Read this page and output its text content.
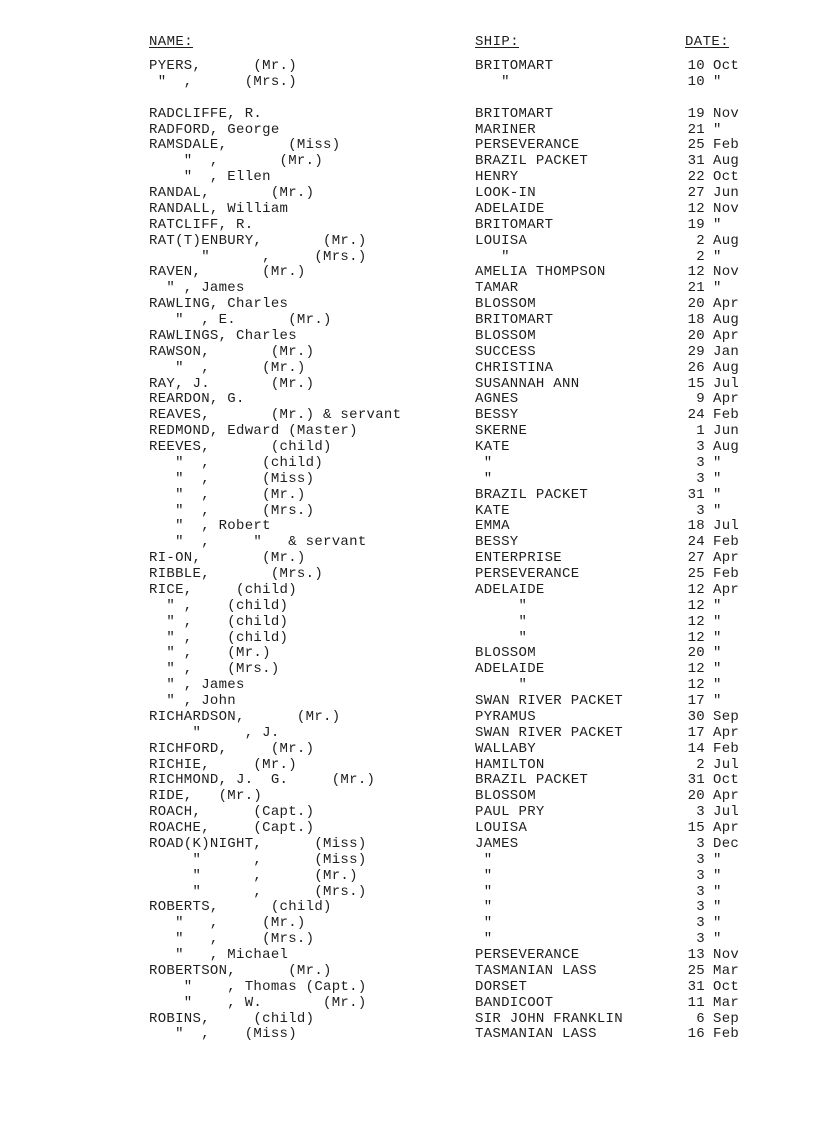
NAME:	SHIP:	DATE:
PYERS,      (Mr.)	BRITOMART	10 Oct
"  ,      (Mrs.)	"	10 "
RADCLIFFE, R.	BRITOMART	19 Nov
RADFORD, George	MARINER	21 "
RAMSDALE,       (Miss)	PERSEVERANCE	25 Feb
"  ,       (Mr.)	BRAZIL PACKET	31 Aug
"  , Ellen	HENRY	22 Oct
RANDAL,       (Mr.)	LOOK-IN	27 Jun
RANDALL, William	ADELAIDE	12 Nov
RATCLIFF, R.	BRITOMART	19 "
RAT(T)ENBURY,       (Mr.)	LOUISA	2 Aug
"      ,     (Mrs.)	"	2 "
RAVEN,       (Mr.)	AMELIA THOMPSON	12 Nov
" , James	TAMAR	21 "
RAWLING, Charles	BLOSSOM	20 Apr
"  , E.      (Mr.)	BRITOMART	18 Aug
RAWLINGS, Charles	BLOSSOM	20 Apr
RAWSON,       (Mr.)	SUCCESS	29 Jan
"  ,      (Mr.)	CHRISTINA	26 Aug
RAY, J.       (Mr.)	SUSANNAH ANN	15 Jul
REARDON, G.	AGNES	9 Apr
REAVES,       (Mr.) & servant	BESSY	24 Feb
REDMOND, Edward (Master)	SKERNE	1 Jun
REEVES,       (child)	KATE	3 Aug
"  ,      (child)	"	3 "
"  ,      (Miss)	"	3 "
"  ,      (Mr.)	BRAZIL PACKET	31 "
"  ,      (Mrs.)	KATE	3 "
"  , Robert	EMMA	18 Jul
"  ,     "   & servant	BESSY	24 Feb
RI-ON,       (Mr.)	ENTERPRISE	27 Apr
RIBBLE,       (Mrs.)	PERSEVERANCE	25 Feb
RICE,     (child)	ADELAIDE	12 Apr
" ,    (child)	"	12 "
" ,    (child)	"	12 "
" ,    (child)	"	12 "
" ,    (Mr.)	BLOSSOM	20 "
" ,    (Mrs.)	ADELAIDE	12 "
" , James	"	12 "
" , John	SWAN RIVER PACKET	17 "
RICHARDSON,      (Mr.)	PYRAMUS	30 Sep
"     , J.	SWAN RIVER PACKET	17 Apr
RICHFORD,     (Mr.)	WALLABY	14 Feb
RICHIE,     (Mr.)	HAMILTON	2 Jul
RICHMOND, J.  G.     (Mr.)	BRAZIL PACKET	31 Oct
RIDE,   (Mr.)	BLOSSOM	20 Apr
ROACH,      (Capt.)	PAUL PRY	3 Jul
ROACHE,     (Capt.)	LOUISA	15 Apr
ROAD(K)NIGHT,      (Miss)	JAMES	3 Dec
"      ,      (Miss)	"	3 "
"      ,      (Mr.)	"	3 "
"      ,      (Mrs.)	"	3 "
ROBERTS,      (child)	"	3 "
"   ,     (Mr.)	"	3 "
"   ,     (Mrs.)	"	3 "
"   , Michael	PERSEVERANCE	13 Nov
ROBERTSON,      (Mr.)	TASMANIAN LASS	25 Mar
"    , Thomas (Capt.)	DORSET	31 Oct
"    , W.       (Mr.)	BANDICOOT	11 Mar
ROBINS,     (child)	SIR JOHN FRANKLIN	6 Sep
"  ,    (Miss)	TASMANIAN LASS	16 Feb
